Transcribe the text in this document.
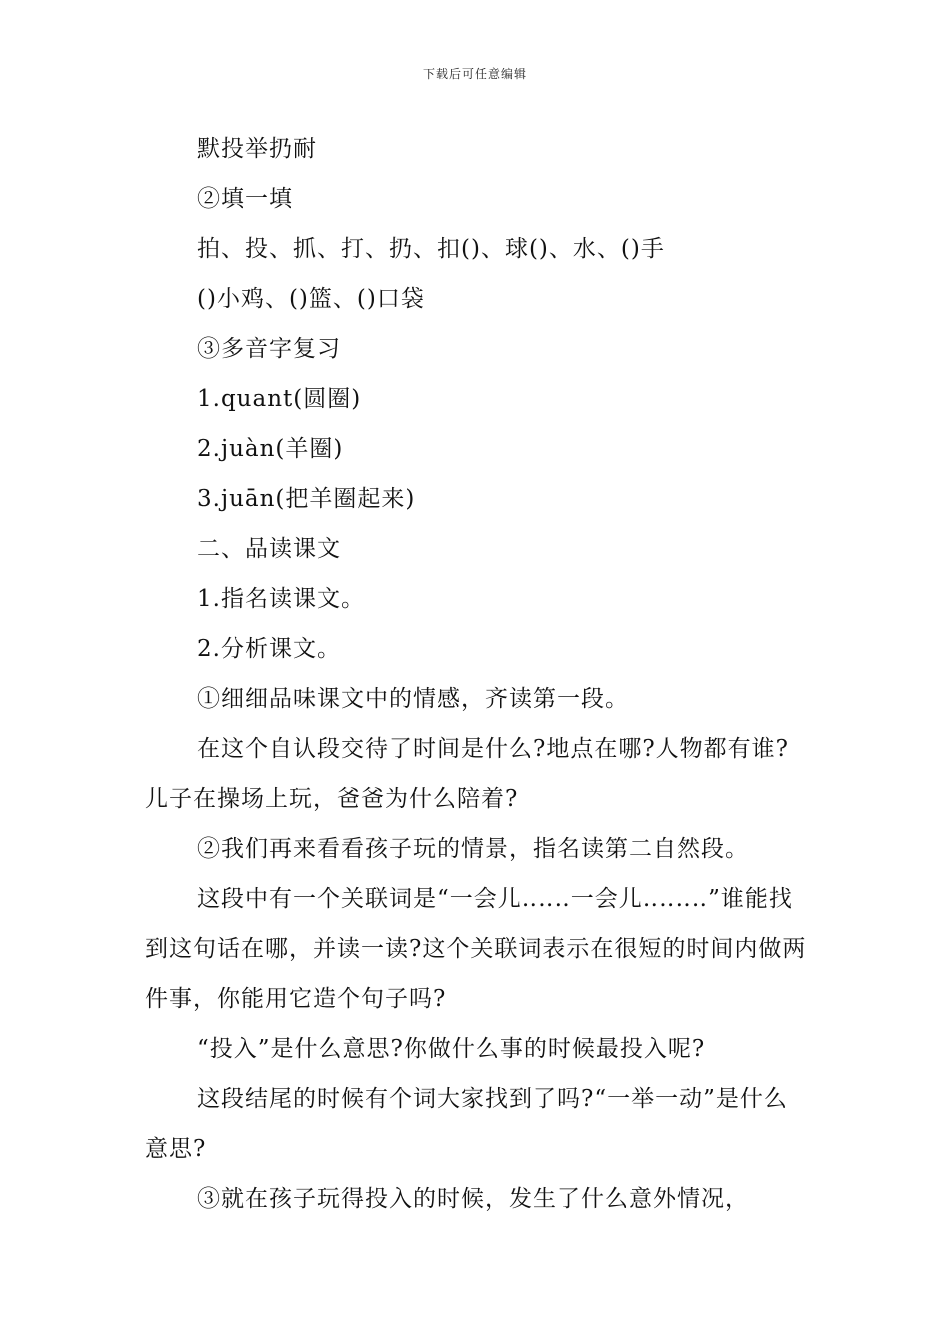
下载后可任意编辑

默投举扔耐

②填一填

拍、投、抓、打、扔、扣()、球()、水、()手

()小鸡、()篮、()口袋

③多音字复习

1.quant(圆圈)

2.juàn(羊圈)

3.juān(把羊圈起来)

二、品读课文

1.指名读课文。

2.分析课文。

①细细品味课文中的情感，齐读第一段。

在这个自认段交待了时间是什么?地点在哪?人物都有谁?儿子在操场上玩，爸爸为什么陪着?

②我们再来看看孩子玩的情景，指名读第二自然段。

这段中有一个关联词是“一会儿‥‥‥一会儿‥‥‥‥”谁能找到这句话在哪，并读一读?这个关联词表示在很短的时间内做两件事，你能用它造个句子吗?

“投入”是什么意思?你做什么事的时候最投入呢?

这段结尾的时候有个词大家找到了吗?“一举一动”是什么意思?

③就在孩子玩得投入的时候，发生了什么意外情况，
